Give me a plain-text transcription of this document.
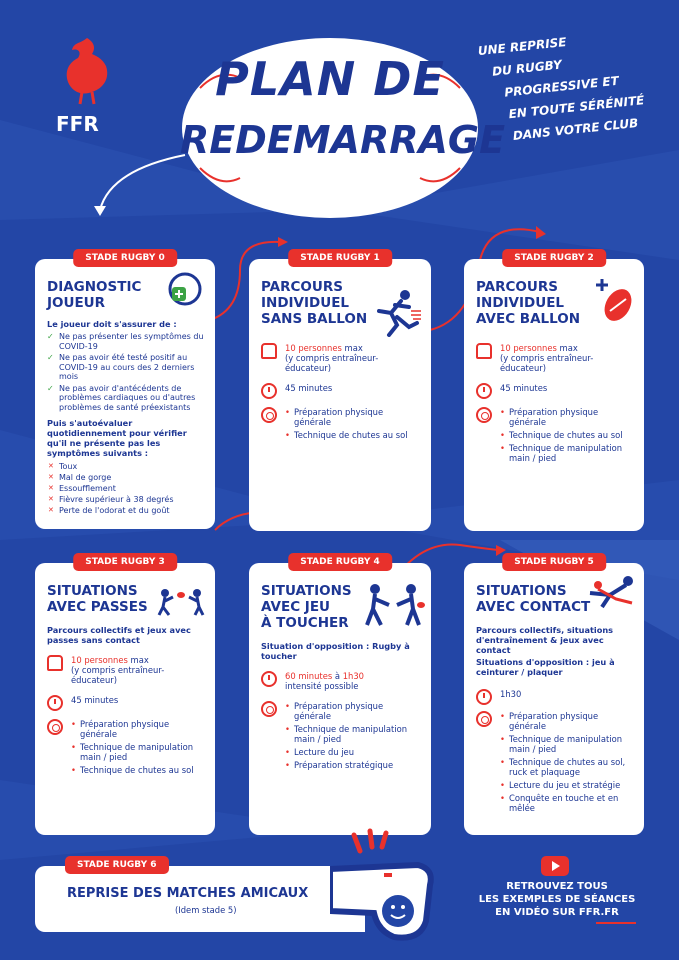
FFR
PLAN DE
REDEMARRAGE
UNE REPRISE
DU RUGBY
PROGRESSIVE ET
EN TOUTE SÉRÉNITÉ
DANS VOTRE CLUB
STADE RUGBY 0
DIAGNOSTIC
JOUEUR
Le joueur doit s'assurer de :
✓ Ne pas présenter les symptômes du COVID-19
✓ Ne pas avoir été testé positif au COVID-19 au cours des 2 derniers mois
✓ Ne pas avoir d'antécédents de problèmes cardiaques ou d'autres problèmes de santé préexistants
Puis s'autoévaluer quotidiennement pour vérifier qu'il ne présente pas les symptômes suivants :
✕ Toux
✕ Mal de gorge
✕ Essoufflement
✕ Fièvre supérieur à 38 degrés
✕ Perte de l'odorat et du goût
STADE RUGBY 1
PARCOURS
INDIVIDUEL
SANS BALLON
10 personnes max
(y compris entraîneur-éducateur)
45 minutes
• Préparation physique générale
• Technique de chutes au sol
STADE RUGBY 2
PARCOURS
INDIVIDUEL
AVEC BALLON
10 personnes max
(y compris entraîneur-éducateur)
45 minutes
• Préparation physique générale
• Technique de chutes au sol
• Technique de manipulation main / pied
STADE RUGBY 3
SITUATIONS
AVEC PASSES
Parcours collectifs et jeux avec passes sans contact
10 personnes max
(y compris entraîneur-éducateur)
45 minutes
• Préparation physique générale
• Technique de manipulation main / pied
• Technique de chutes au sol
STADE RUGBY 4
SITUATIONS
AVEC JEU
À TOUCHER
Situation d'opposition : Rugby à toucher
60 minutes à 1h30
intensité possible
• Préparation physique générale
• Technique de manipulation main / pied
• Lecture du jeu
• Préparation stratégique
STADE RUGBY 5
SITUATIONS
AVEC CONTACT
Parcours collectifs, situations d'entraînement & jeux avec contact
Situations d'opposition : jeu à ceinturer / plaquer
1h30
• Préparation physique générale
• Technique de manipulation main / pied
• Technique de chutes au sol, ruck et plaquage
• Lecture du jeu et stratégie
• Conquête en touche et en mêlée
STADE RUGBY 6
REPRISE DES MATCHES AMICAUX
(Idem stade 5)
RETROUVEZ TOUS
LES EXEMPLES DE SÉANCES
EN VIDÉO SUR FFR.FR
